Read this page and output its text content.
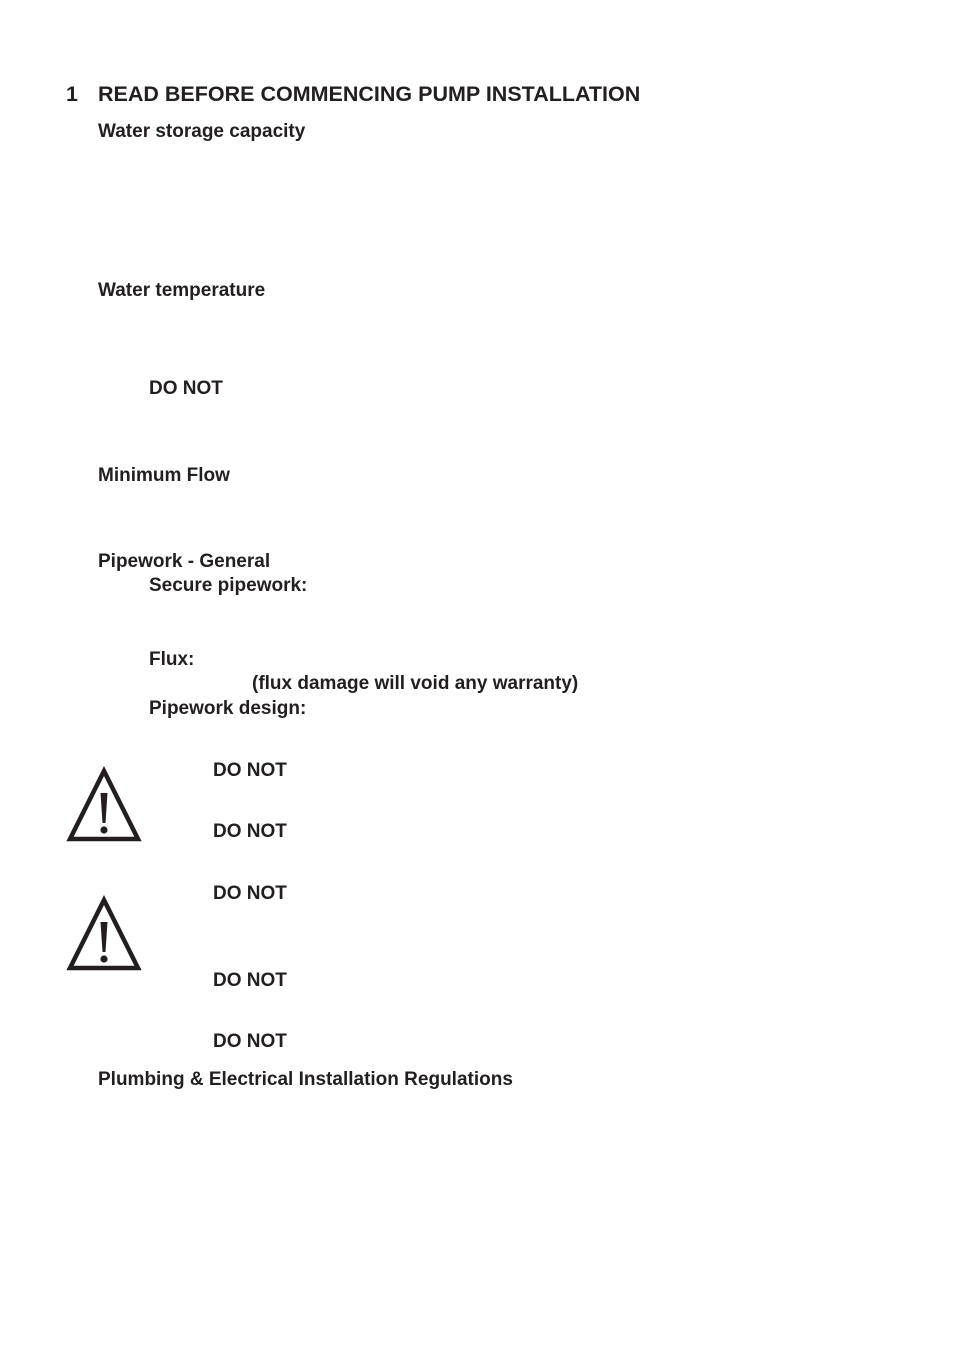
1 READ BEFORE COMMENCING PUMP INSTALLATION
Water storage capacity
Water temperature
DO NOT
Minimum Flow
Pipework - General
Secure pipework:
Flux:
(flux damage will void any warranty)
Pipework design:
DO NOT
DO NOT
DO NOT
DO NOT
DO NOT
Plumbing & Electrical Installation Regulations
